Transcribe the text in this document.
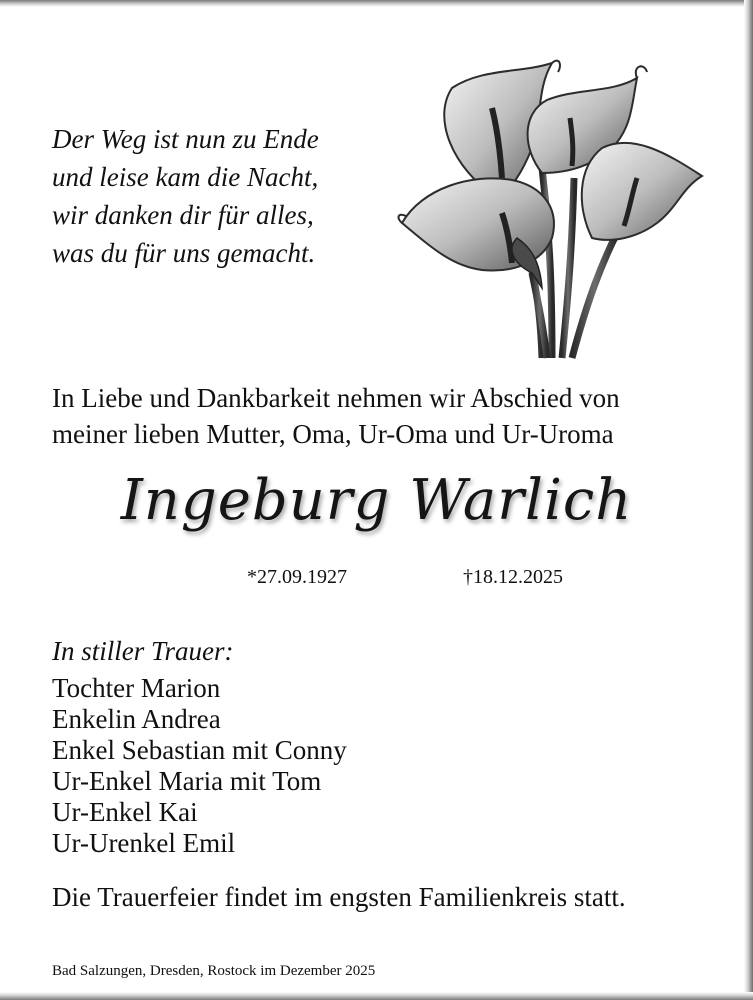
Der Weg ist nun zu Ende
und leise kam die Nacht,
wir danken dir für alles,
was du für uns gemacht.
In Liebe und Dankbarkeit nehmen wir Abschied von
meiner lieben Mutter, Oma, Ur-Oma und Ur-Uroma
Ingeburg Warlich
*27.09.1927	†18.12.2025
In stiller Trauer:
Tochter Marion
Enkelin Andrea
Enkel Sebastian mit Conny
Ur-Enkel Maria mit Tom
Ur-Enkel Kai
Ur-Urenkel Emil
Die Trauerfeier findet im engsten Familienkreis statt.
Bad Salzungen, Dresden, Rostock im Dezember 2025
